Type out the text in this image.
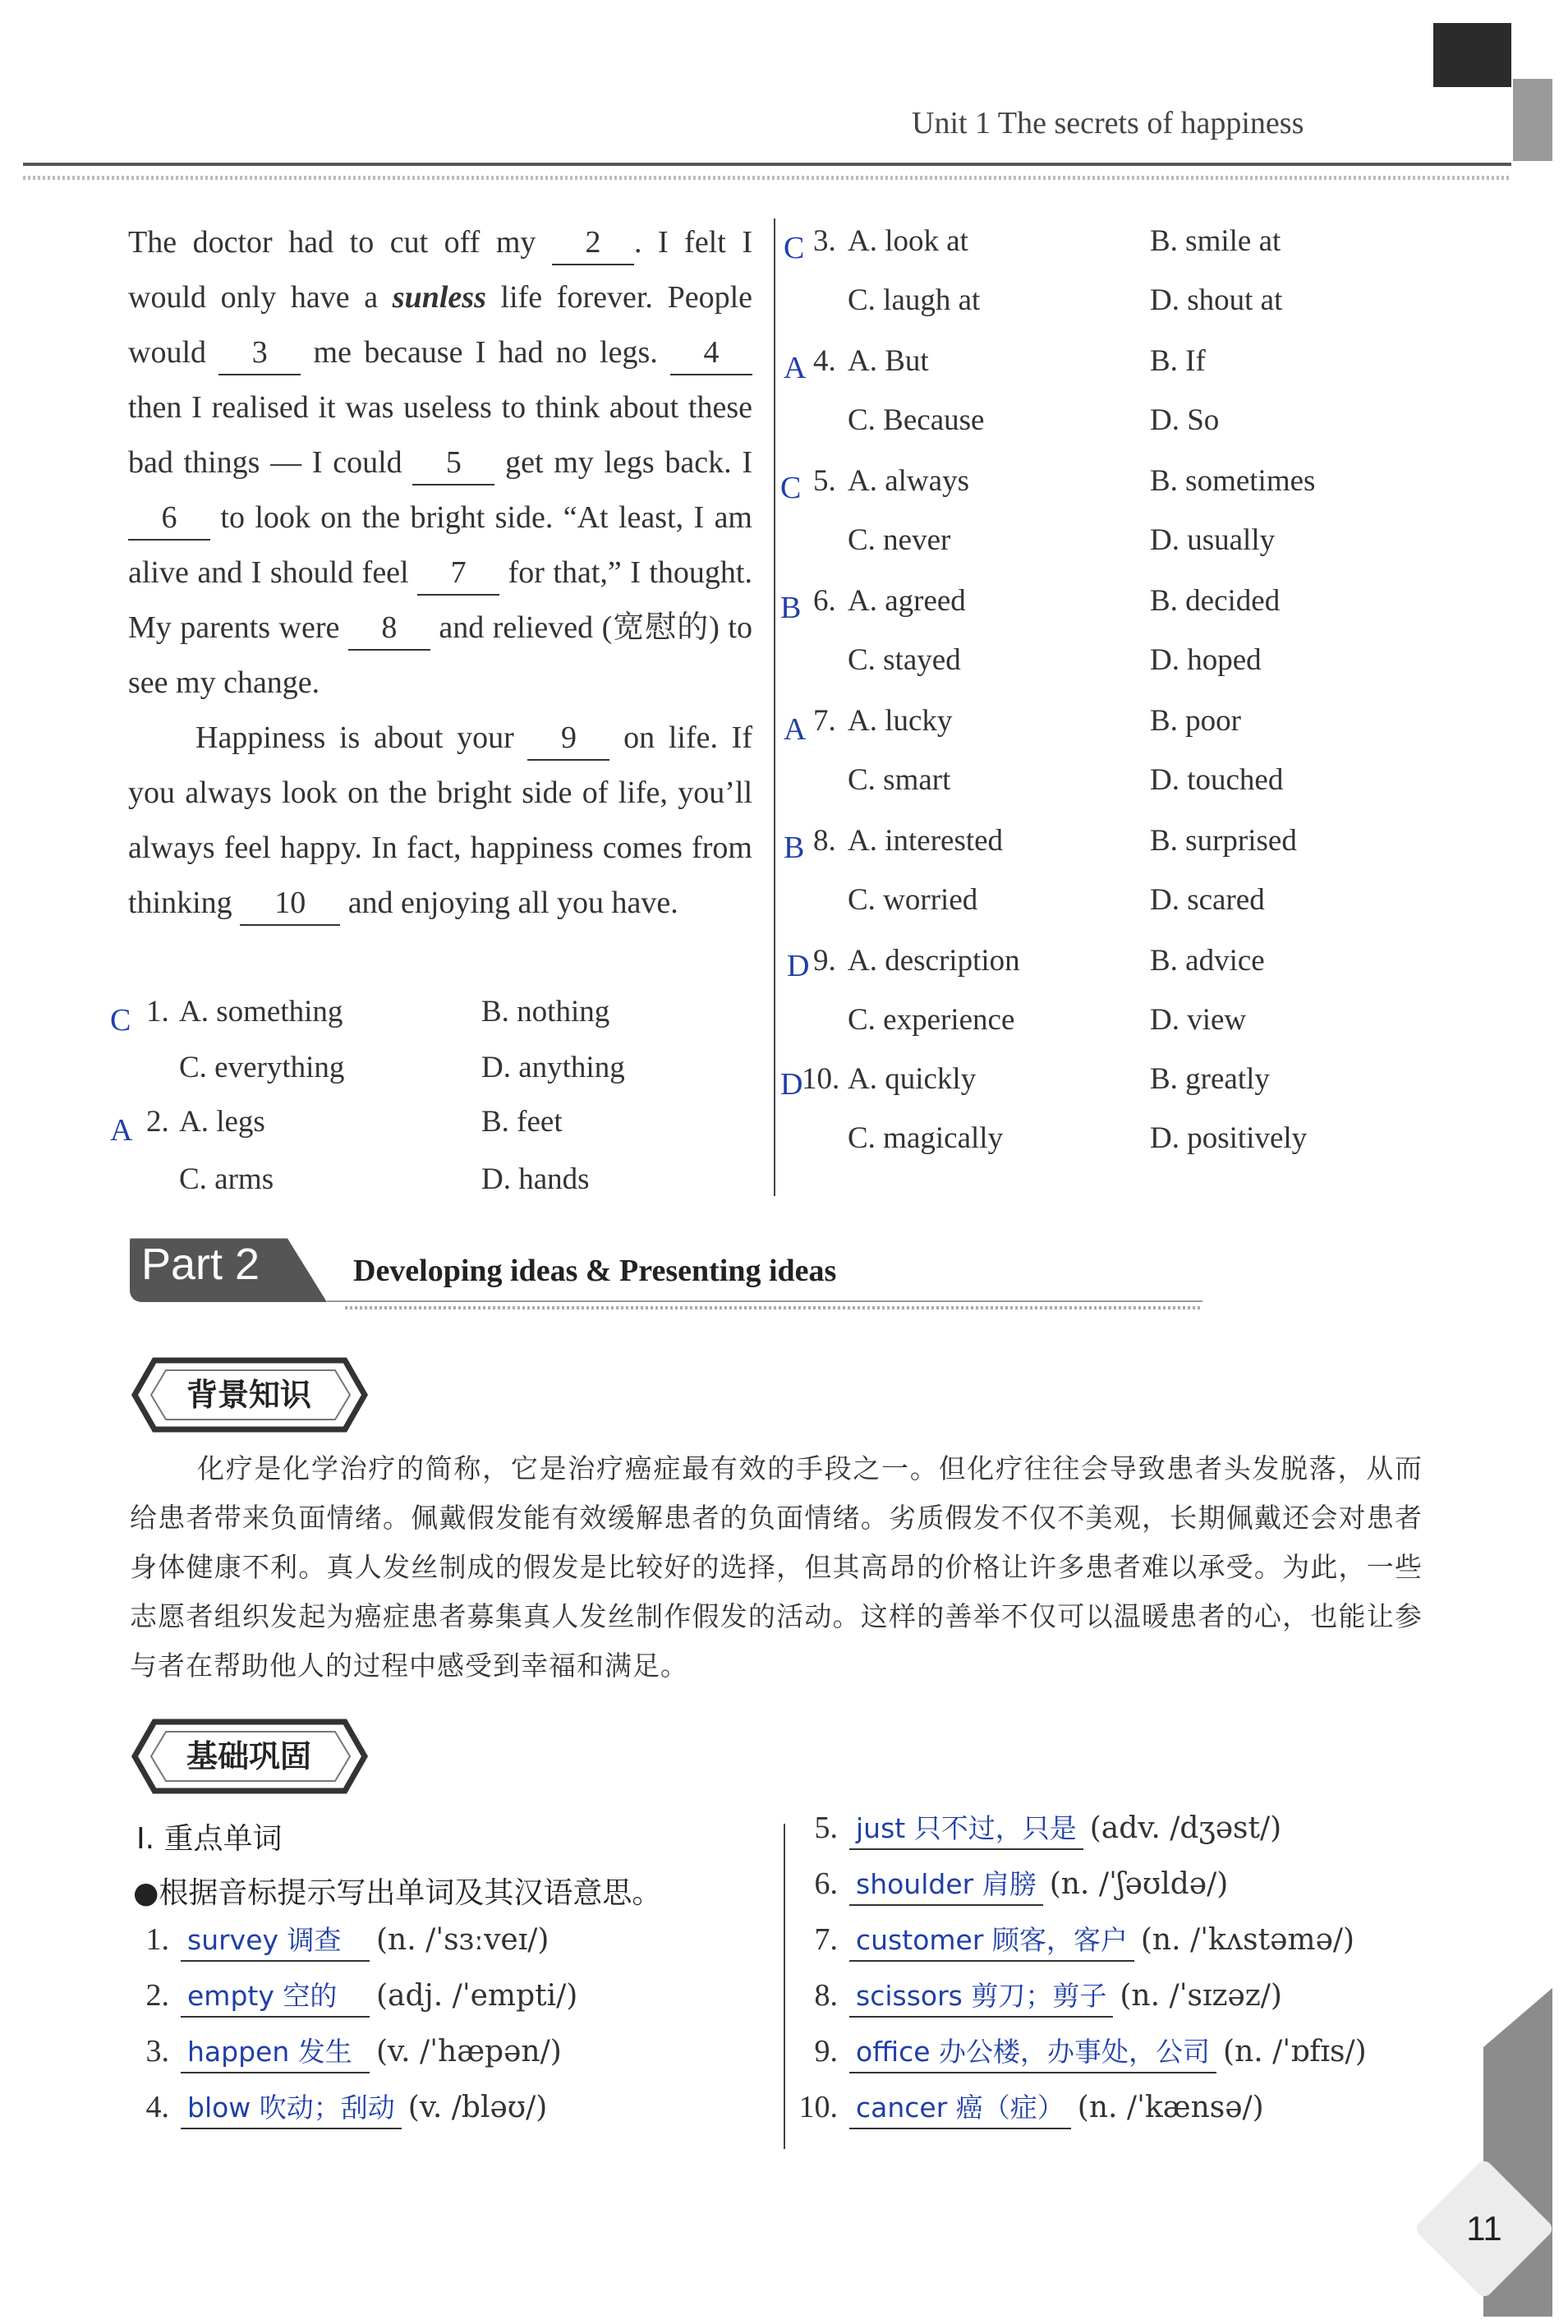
Unit 1 The secrets of happiness

The doctor had to cut off my 2 . I felt I would only have a sunless life forever. People would 3 me because I had no legs. 4 then I realised it was useless to think about these bad things — I could 5 get my legs back. I 6 to look on the bright side. “At least, I am alive and I should feel 7 for that,” I thought. My parents were 8 and relieved (宽慰的) to see my change.

Happiness is about your 9 on life. If you always look on the bright side of life, you’ll always feel happy. In fact, happiness comes from thinking 10 and enjoying all you have.

C 1. A. something	B. nothing
C. everything	D. anything
A 2. A. legs	B. feet
C. arms	D. hands
C 3. A. look at	B. smile at
C. laugh at	D. shout at
A 4. A. But	B. If
C. Because	D. So
C 5. A. always	B. sometimes
C. never	D. usually
B 6. A. agreed	B. decided
C. stayed	D. hoped
A 7. A. lucky	B. poor
C. smart	D. touched
B 8. A. interested	B. surprised
C. worried	D. scared
D 9. A. description	B. advice
C. experience	D. view
D
10. A. quickly	B. greatly
C. magically	D. positively
Part 2	Developing ideas & Presenting ideas
背景知识
化疗是化学治疗的简称，它是治疗癌症最有效的手段之一。但化疗往往会导致患者头发脱落，从而给患者带来负面情绪。佩戴假发能有效缓解患者的负面情绪。劣质假发不仅不美观，长期佩戴还会对患者身体健康不利。真人发丝制成的假发是比较好的选择，但其高昂的价格让许多患者难以承受。为此，一些志愿者组织发起为癌症患者募集真人发丝制作假发的活动。这样的善举不仅可以温暖患者的心，也能让参与者在帮助他人的过程中感受到幸福和满足。
基础巩固
Ⅰ. 重点单词
●根据音标提示写出单词及其汉语意思。
1. survey 调查 (n. /ˈsɜːveɪ/)
2. empty 空的 (adj. /ˈempti/)
3. happen 发生 (v. /ˈhæpən/)
4. blow 吹动；刮动 (v. /bləʊ/)
5. just 只不过，只是 (adv. /dʒəst/)
6. shoulder 肩膀 (n. /ˈʃəʊldə/)
7. customer 顾客，客户 (n. /ˈkʌstəmə/)
8. scissors 剪刀；剪子 (n. /ˈsɪzəz/)
9. office 办公楼，办事处，公司 (n. /ˈɒfɪs/)
10. cancer 癌（症） (n. /ˈkænsə/)
11
